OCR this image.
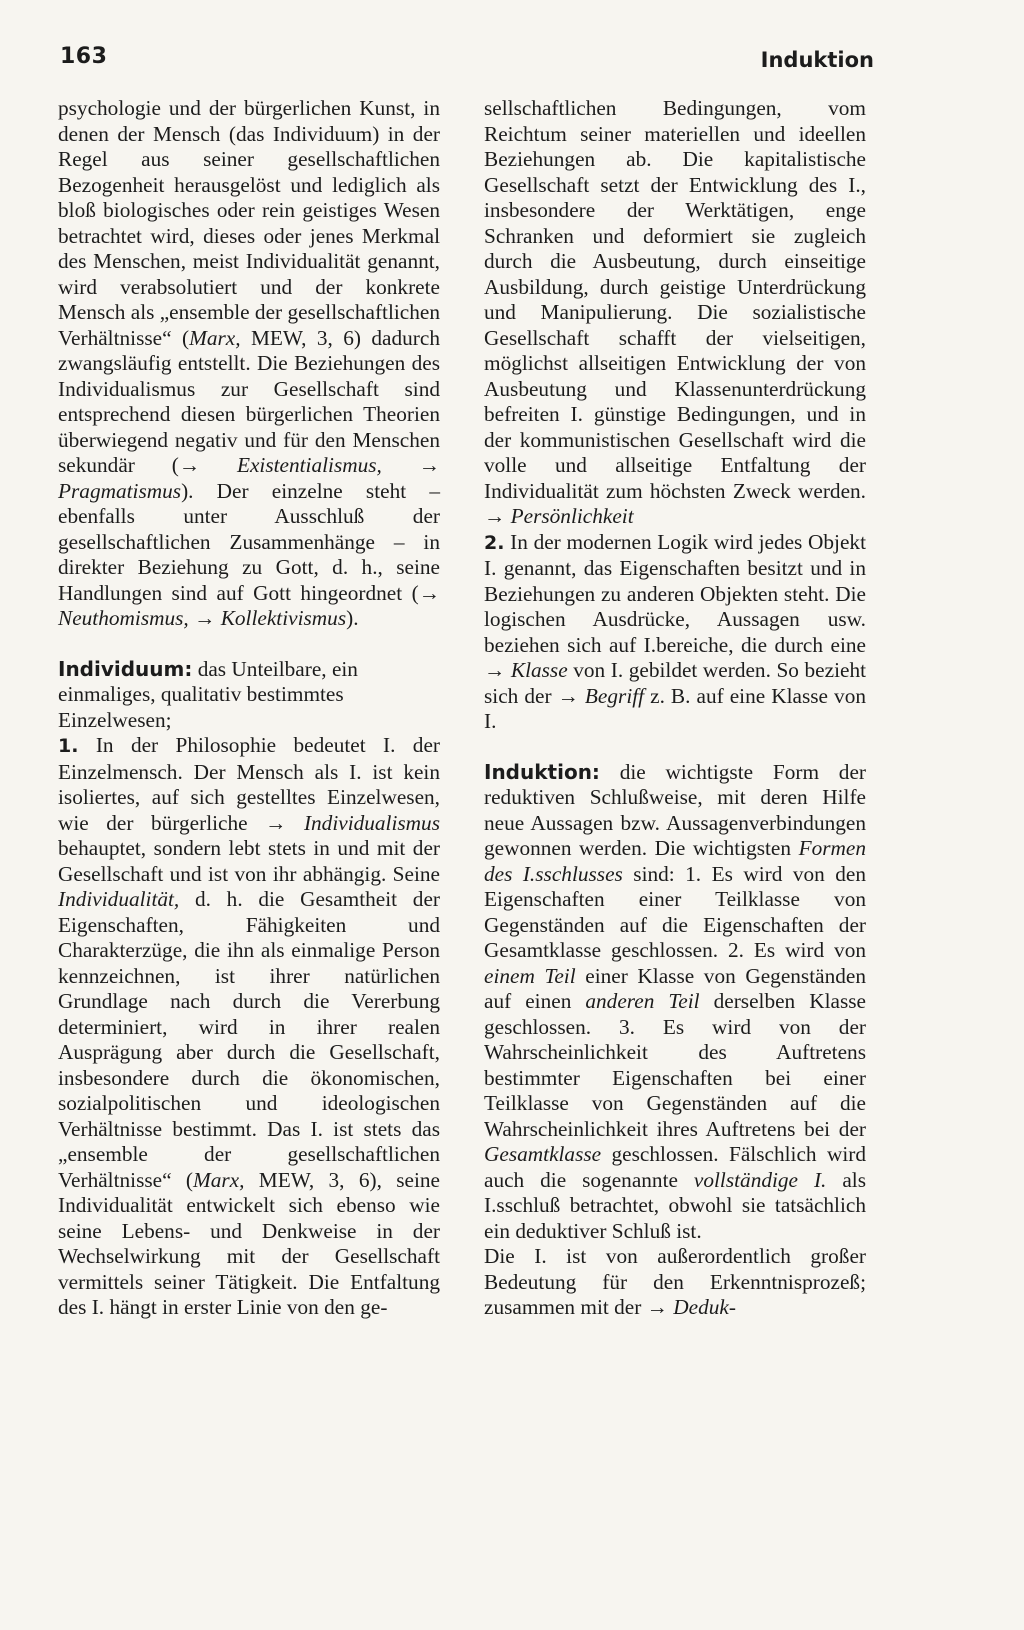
163	Induktion

psychologie und der bürgerlichen Kunst, in denen der Mensch (das Individuum) in der Regel aus seiner gesellschaftlichen Bezogenheit herausgelöst und lediglich als bloß biologisches oder rein geistiges Wesen betrachtet wird, dieses oder jenes Merkmal des Menschen, meist Individualität genannt, wird verabsolutiert und der konkrete Mensch als „ensemble der gesellschaftlichen Verhältnisse“ (Marx, MEW, 3, 6) dadurch zwangsläufig entstellt. Die Beziehungen des Individualismus zur Gesellschaft sind entsprechend diesen bürgerlichen Theorien überwiegend negativ und für den Menschen sekundär (→ Existentialismus, → Pragmatismus). Der einzelne steht – ebenfalls unter Ausschluß der gesellschaftlichen Zusammenhänge – in direkter Beziehung zu Gott, d. h., seine Handlungen sind auf Gott hingeordnet (→ Neuthomismus, → Kollektivismus).

Individuum: das Unteilbare, ein einmaliges, qualitativ bestimmtes Einzelwesen;

1. In der Philosophie bedeutet I. der Einzelmensch. Der Mensch als I. ist kein isoliertes, auf sich gestelltes Einzelwesen, wie der bürgerliche → Individualismus behauptet, sondern lebt stets in und mit der Gesellschaft und ist von ihr abhängig. Seine Individualität, d. h. die Gesamtheit der Eigenschaften, Fähigkeiten und Charakterzüge, die ihn als einmalige Person kennzeichnen, ist ihrer natürlichen Grundlage nach durch die Vererbung determiniert, wird in ihrer realen Ausprägung aber durch die Gesellschaft, insbesondere durch die ökonomischen, sozialpolitischen und ideologischen Verhältnisse bestimmt. Das I. ist stets das „ensemble der gesellschaftlichen Verhältnisse“ (Marx, MEW, 3, 6), seine Individualität entwickelt sich ebenso wie seine Lebens- und Denkweise in der Wechselwirkung mit der Gesellschaft vermittels seiner Tätigkeit. Die Entfaltung des I. hängt in erster Linie von den ge-

sellschaftlichen Bedingungen, vom Reichtum seiner materiellen und ideellen Beziehungen ab. Die kapitalistische Gesellschaft setzt der Entwicklung des I., insbesondere der Werktätigen, enge Schranken und deformiert sie zugleich durch die Ausbeutung, durch einseitige Ausbildung, durch geistige Unterdrückung und Manipulierung. Die sozialistische Gesellschaft schafft der vielseitigen, möglichst allseitigen Entwicklung der von Ausbeutung und Klassenunterdrückung befreiten I. günstige Bedingungen, und in der kommunistischen Gesellschaft wird die volle und allseitige Entfaltung der Individualität zum höchsten Zweck werden. → Persönlichkeit

2. In der modernen Logik wird jedes Objekt I. genannt, das Eigenschaften besitzt und in Beziehungen zu anderen Objekten steht. Die logischen Ausdrücke, Aussagen usw. beziehen sich auf I.bereiche, die durch eine → Klasse von I. gebildet werden. So bezieht sich der → Begriff z. B. auf eine Klasse von I.

Induktion: die wichtigste Form der reduktiven Schlußweise, mit deren Hilfe neue Aussagen bzw. Aussagenverbindungen gewonnen werden. Die wichtigsten Formen des I.sschlusses sind: 1. Es wird von den Eigenschaften einer Teilklasse von Gegenständen auf die Eigenschaften der Gesamtklasse geschlossen. 2. Es wird von einem Teil einer Klasse von Gegenständen auf einen anderen Teil derselben Klasse geschlossen. 3. Es wird von der Wahrscheinlichkeit des Auftretens bestimmter Eigenschaften bei einer Teilklasse von Gegenständen auf die Wahrscheinlichkeit ihres Auftretens bei der Gesamtklasse geschlossen. Fälschlich wird auch die sogenannte vollständige I. als I.sschluß betrachtet, obwohl sie tatsächlich ein deduktiver Schluß ist.

Die I. ist von außerordentlich großer Bedeutung für den Erkenntnisprozeß; zusammen mit der → Deduk-
